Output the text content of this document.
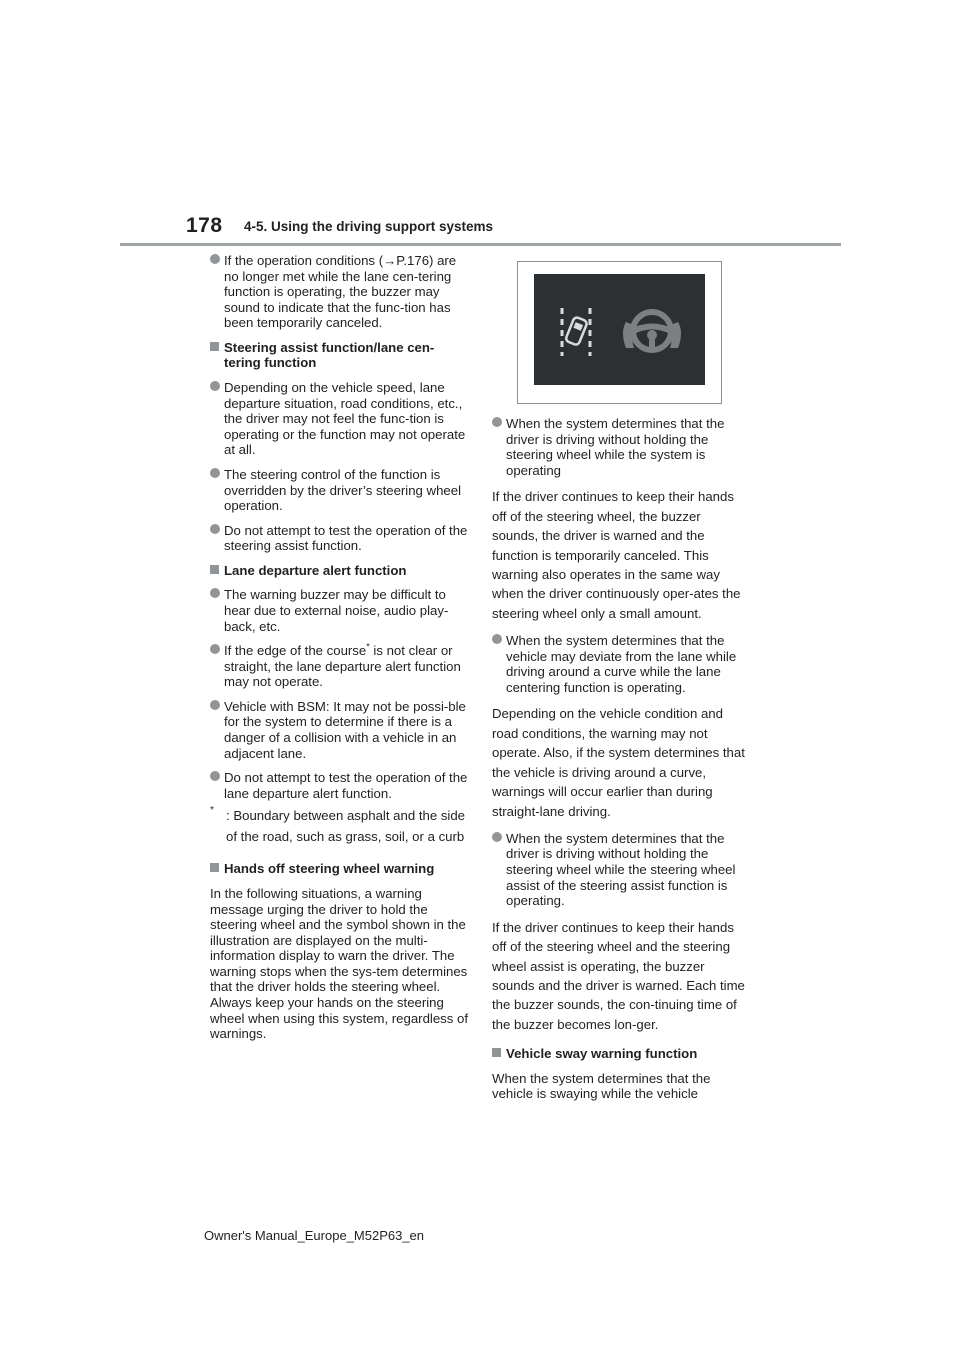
178 4-5. Using the driving support systems
If the operation conditions (→P.176) are no longer met while the lane cen-tering function is operating, the buzzer may sound to indicate that the func-tion has been temporarily canceled.
Steering assist function/lane cen-tering function
Depending on the vehicle speed, lane departure situation, road conditions, etc., the driver may not feel the func-tion is operating or the function may not operate at all.
The steering control of the function is overridden by the driver’s steering wheel operation.
Do not attempt to test the operation of the steering assist function.
Lane departure alert function
The warning buzzer may be difficult to hear due to external noise, audio play-back, etc.
If the edge of the course* is not clear or straight, the lane departure alert function may not operate.
Vehicle with BSM: It may not be possi-ble for the system to determine if there is a danger of a collision with a vehicle in an adjacent lane.
Do not attempt to test the operation of the lane departure alert function.
* : Boundary between asphalt and the side of the road, such as grass, soil, or a curb
Hands off steering wheel warning
In the following situations, a warning message urging the driver to hold the steering wheel and the symbol shown in the illustration are displayed on the multi-information display to warn the driver. The warning stops when the sys-tem determines that the driver holds the steering wheel. Always keep your hands on the steering wheel when using this system, regardless of warnings.
When the system determines that the driver is driving without holding the steering wheel while the system is operating
If the driver continues to keep their hands off of the steering wheel, the buzzer sounds, the driver is warned and the function is temporarily canceled. This warning also operates in the same way when the driver continuously oper-ates the steering wheel only a small amount.
When the system determines that the vehicle may deviate from the lane while driving around a curve while the lane centering function is operating.
Depending on the vehicle condition and road conditions, the warning may not operate. Also, if the system determines that the vehicle is driving around a curve, warnings will occur earlier than during straight-lane driving.
When the system determines that the driver is driving without holding the steering wheel while the steering wheel assist of the steering assist function is operating.
If the driver continues to keep their hands off of the steering wheel and the steering wheel assist is operating, the buzzer sounds and the driver is warned. Each time the buzzer sounds, the con-tinuing time of the buzzer becomes lon-ger.
Vehicle sway warning function
When the system determines that the vehicle is swaying while the vehicle
Owner's Manual_Europe_M52P63_en
